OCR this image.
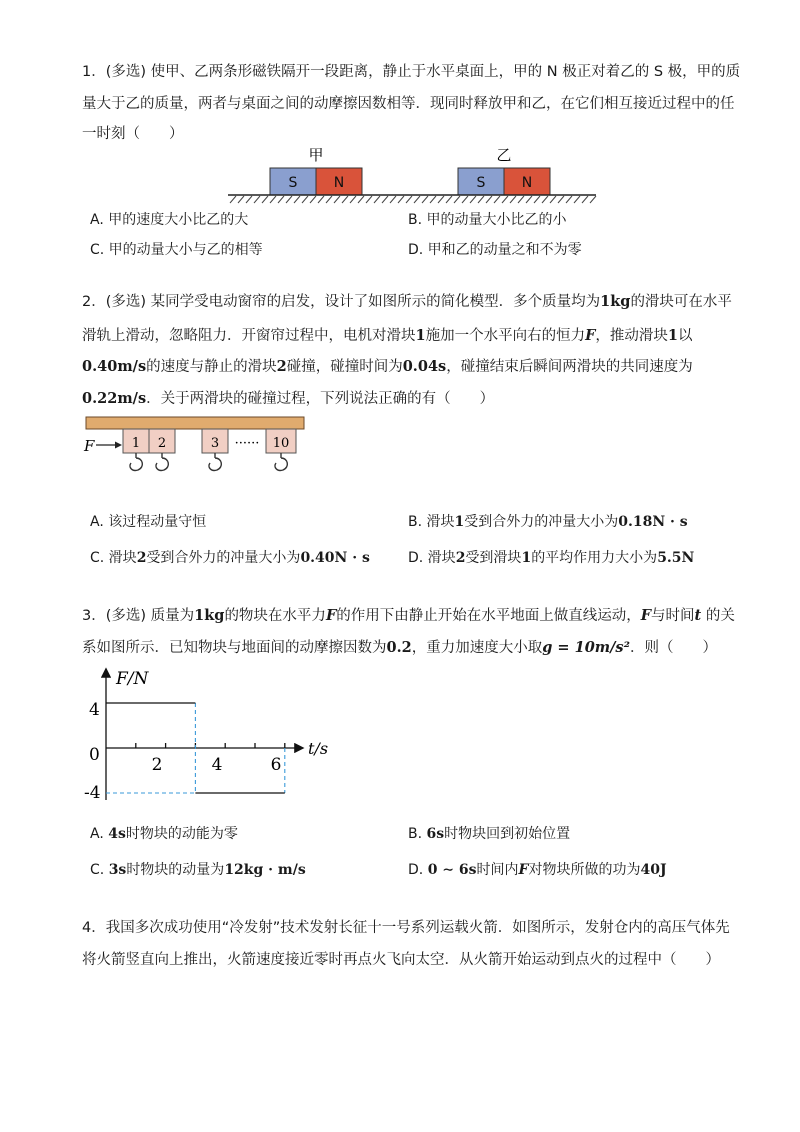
1．(多选) 使甲、乙两条形磁铁隔开一段距离，静止于水平桌面上，甲的 N 极正对着乙的 S 极，甲的质
量大于乙的质量，两者与桌面之间的动摩擦因数相等．现同时释放甲和乙，在它们相互接近过程中的任
一时刻（　　）
甲	乙
S	N	S	N
A. 甲的速度大小比乙的大	B. 甲的动量大小比乙的小
C. 甲的动量大小与乙的相等	D. 甲和乙的动量之和不为零
2．(多选) 某同学受电动窗帘的启发，设计了如图所示的简化模型．多个质量均为1kg的滑块可在水平
滑轨上滑动，忽略阻力．开窗帘过程中，电机对滑块1施加一个水平向右的恒力F，推动滑块1以
0.40m/s的速度与静止的滑块2碰撞，碰撞时间为0.04s，碰撞结束后瞬间两滑块的共同速度为
0.22m/s．关于两滑块的碰撞过程，下列说法正确的有（　　）
F	1 2	3 ······ 10
A. 该过程动量守恒	B. 滑块1受到合外力的冲量大小为0.18N · s
C. 滑块2受到合外力的冲量大小为0.40N · s	D. 滑块2受到滑块1的平均作用力大小为5.5N
3．(多选) 质量为1kg的物块在水平力F的作用下由静止开始在水平地面上做直线运动，F与时间t 的关
系如图所示．已知物块与地面间的动摩擦因数为0.2，重力加速度大小取g = 10m/s²．则（　　）
F/N
t/s
4
0
-4
2	4	6
A. 4s时物块的动能为零	B. 6s时物块回到初始位置
C. 3s时物块的动量为12kg · m/s	D. 0 ∼ 6s时间内F对物块所做的功为40J
4．我国多次成功使用“冷发射”技术发射长征十一号系列运载火箭．如图所示，发射仓内的高压气体先
将火箭竖直向上推出，火箭速度接近零时再点火飞向太空．从火箭开始运动到点火的过程中（　　）
